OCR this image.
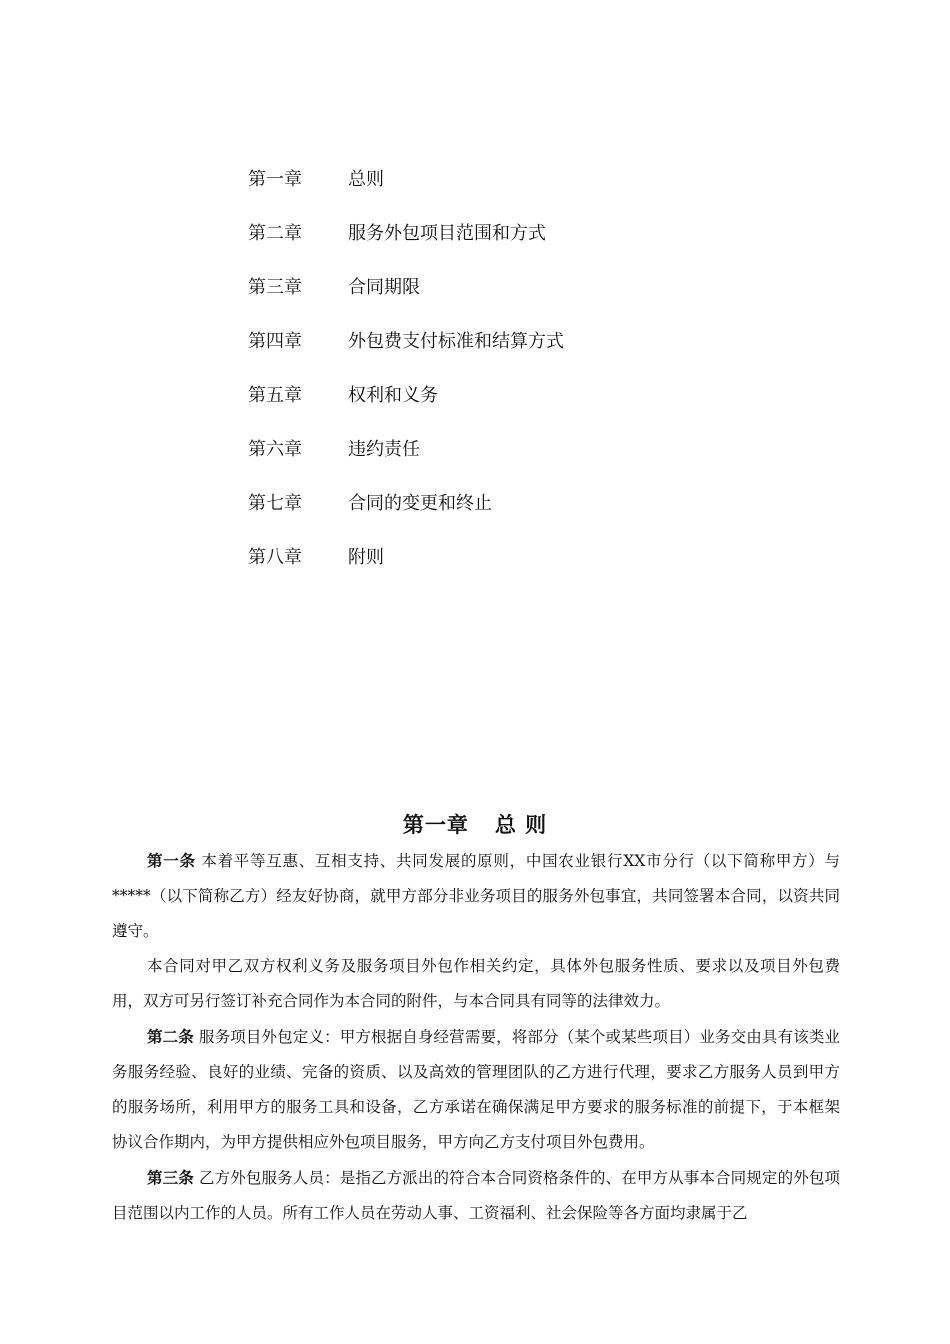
第一章	总则
第二章	服务外包项目范围和方式
第三章	合同期限
第四章	外包费支付标准和结算方式
第五章	权利和义务
第六章	违约责任
第七章	合同的变更和终止
第八章	附则
第一章 总 则

第一条 本着平等互惠、互相支持、共同发展的原则，中国农业银行XX市分行（以下简称甲方）与*****（以下简称乙方）经友好协商，就甲方部分非业务项目的服务外包事宜，共同签署本合同，以资共同遵守。

本合同对甲乙双方权利义务及服务项目外包作相关约定，具体外包服务性质、要求以及项目外包费用，双方可另行签订补充合同作为本合同的附件，与本合同具有同等的法律效力。

第二条 服务项目外包定义：甲方根据自身经营需要，将部分（某个或某些项目）业务交由具有该类业务服务经验、良好的业绩、完备的资质、以及高效的管理团队的乙方进行代理，要求乙方服务人员到甲方的服务场所，利用甲方的服务工具和设备，乙方承诺在确保满足甲方要求的服务标准的前提下，于本框架协议合作期内，为甲方提供相应外包项目服务，甲方向乙方支付项目外包费用。

第三条 乙方外包服务人员：是指乙方派出的符合本合同资格条件的、在甲方从事本合同规定的外包项目范围以内工作的人员。所有工作人员在劳动人事、工资福利、社会保险等各方面均隶属于乙
